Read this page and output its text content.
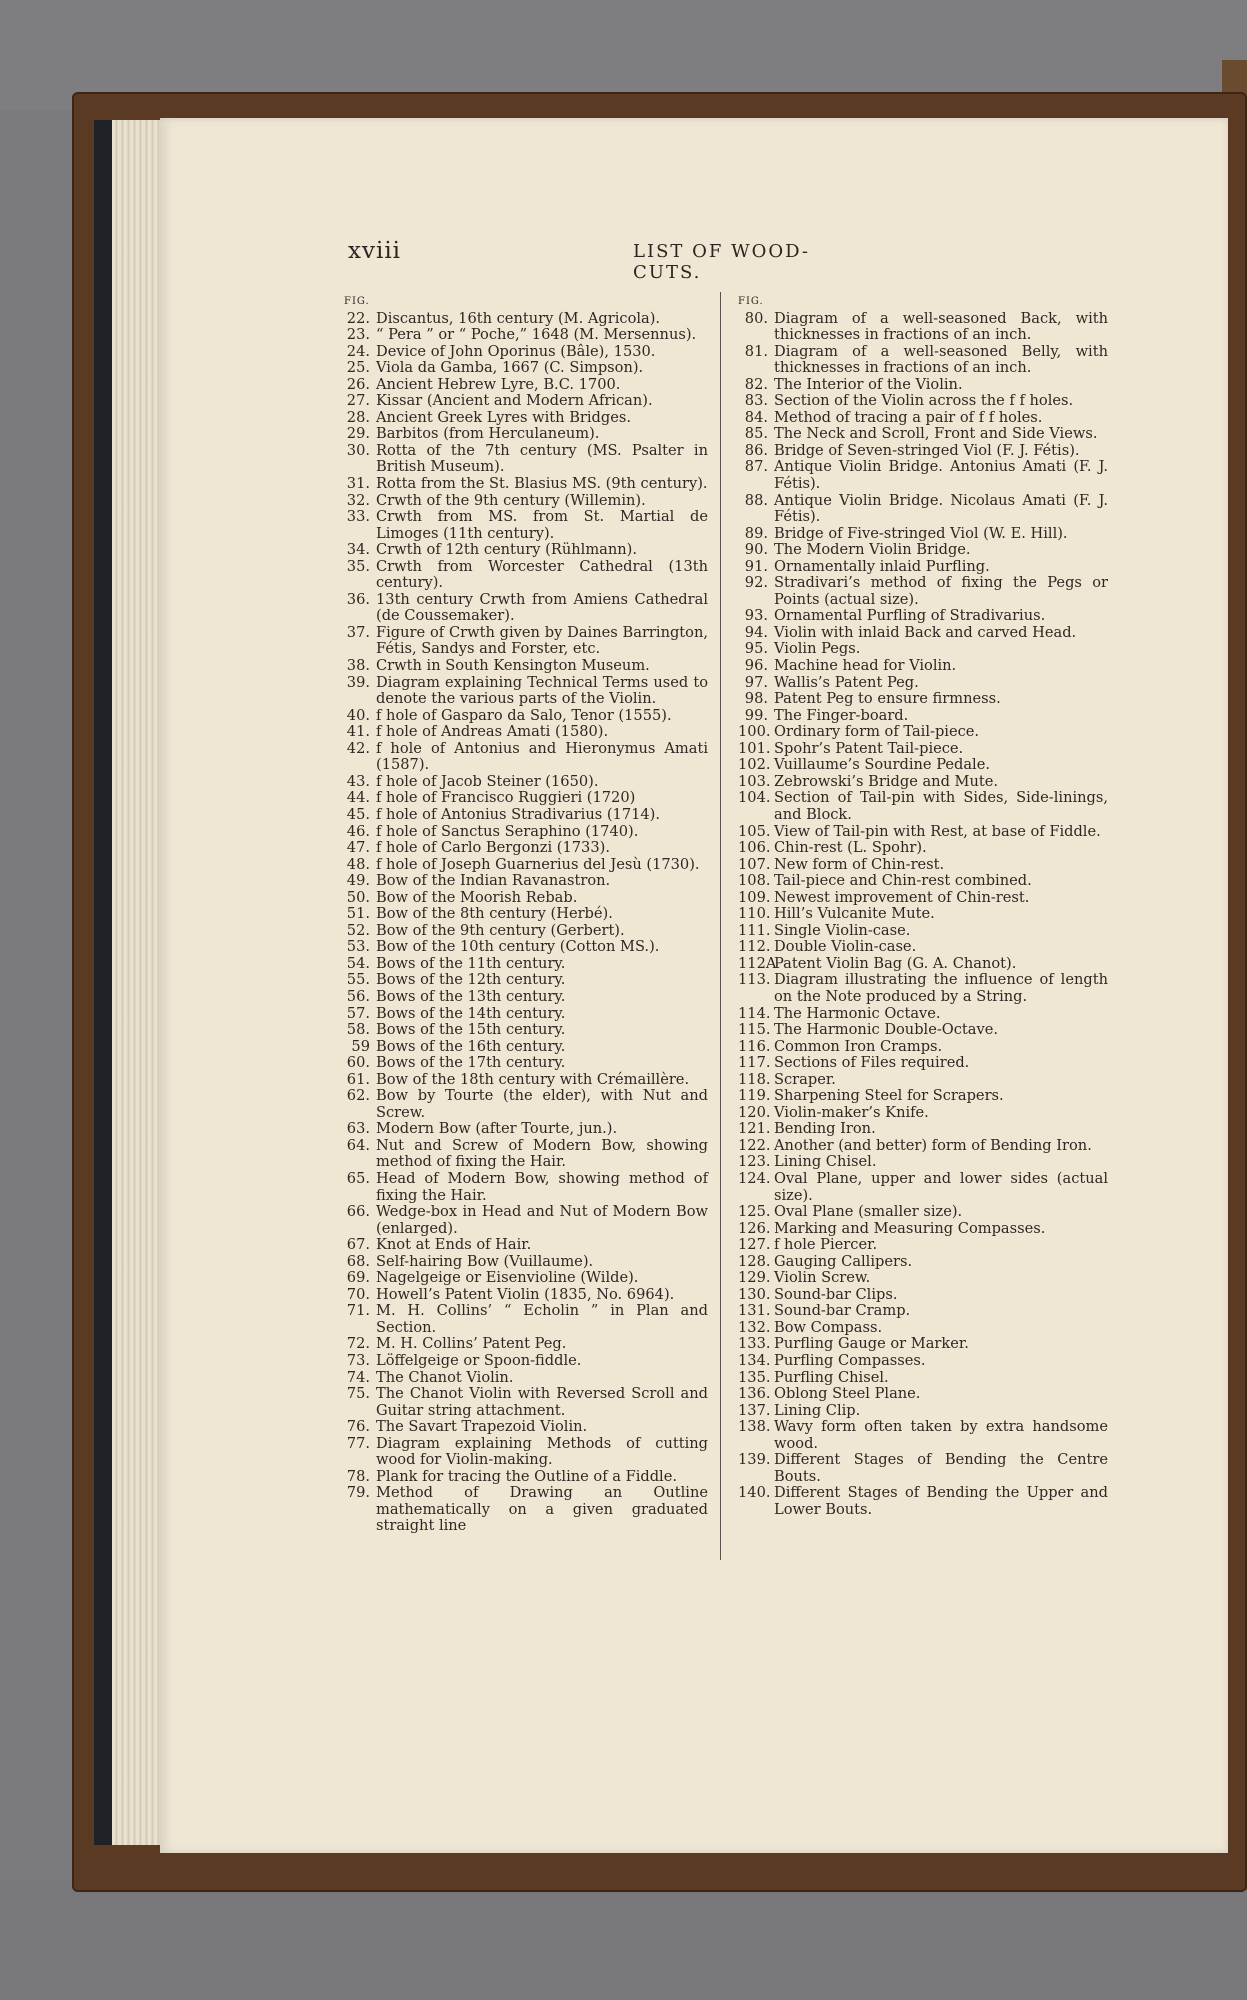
xviii	LIST OF WOOD-CUTS.
FIG.
22. Discantus, 16th century (M. Agricola).
23. “ Pera ” or “ Poche,” 1648 (M. Mersennus).
24. Device of John Oporinus (Bâle), 1530.
25. Viola da Gamba, 1667 (C. Simpson).
26. Ancient Hebrew Lyre, B.C. 1700.
27. Kissar (Ancient and Modern African).
28. Ancient Greek Lyres with Bridges.
29. Barbitos (from Herculaneum).
30. Rotta of the 7th century (MS. Psalter in British Museum).
31. Rotta from the St. Blasius MS. (9th century).
32. Crwth of the 9th century (Willemin).
33. Crwth from MS. from St. Martial de Limoges (11th century).
34. Crwth of 12th century (Rühlmann).
35. Crwth from Worcester Cathedral (13th century).
36. 13th century Crwth from Amiens Cathedral (de Coussemaker).
37. Figure of Crwth given by Daines Barrington, Fétis, Sandys and Forster, etc.
38. Crwth in South Kensington Museum.
39. Diagram explaining Technical Terms used to denote the various parts of the Violin.
40. f hole of Gasparo da Salo, Tenor (1555).
41. f hole of Andreas Amati (1580).
42. f hole of Antonius and Hieronymus Amati (1587).
43. f hole of Jacob Steiner (1650).
44. f hole of Francisco Ruggieri (1720)
45. f hole of Antonius Stradivarius (1714).
46. f hole of Sanctus Seraphino (1740).
47. f hole of Carlo Bergonzi (1733).
48. f hole of Joseph Guarnerius del Jesù (1730).
49. Bow of the Indian Ravanastron.
50. Bow of the Moorish Rebab.
51. Bow of the 8th century (Herbé).
52. Bow of the 9th century (Gerbert).
53. Bow of the 10th century (Cotton MS.).
54. Bows of the 11th century.
55. Bows of the 12th century.
56. Bows of the 13th century.
57. Bows of the 14th century.
58. Bows of the 15th century.
59 Bows of the 16th century.
60. Bows of the 17th century.
61. Bow of the 18th century with Crémaillère.
62. Bow by Tourte (the elder), with Nut and Screw.
63. Modern Bow (after Tourte, jun.).
64. Nut and Screw of Modern Bow, showing method of fixing the Hair.
65. Head of Modern Bow, showing method of fixing the Hair.
66. Wedge-box in Head and Nut of Modern Bow (enlarged).
67. Knot at Ends of Hair.
68. Self-hairing Bow (Vuillaume).
69. Nagelgeige or Eisenvioline (Wilde).
70. Howell’s Patent Violin (1835, No. 6964).
71. M. H. Collins’ “ Echolin ” in Plan and Section.
72. M. H. Collins’ Patent Peg.
73. Löffelgeige or Spoon-fiddle.
74. The Chanot Violin.
75. The Chanot Violin with Reversed Scroll and Guitar string attachment.
76. The Savart Trapezoid Violin.
77. Diagram explaining Methods of cutting wood for Violin-making.
78. Plank for tracing the Outline of a Fiddle.
79. Method of Drawing an Outline mathematically on a given graduated straight line
FIG.
80. Diagram of a well-seasoned Back, with thicknesses in fractions of an inch.
81. Diagram of a well-seasoned Belly, with thicknesses in fractions of an inch.
82. The Interior of the Violin.
83. Section of the Violin across the f f holes.
84. Method of tracing a pair of f f holes.
85. The Neck and Scroll, Front and Side Views.
86. Bridge of Seven-stringed Viol (F. J. Fétis).
87. Antique Violin Bridge. Antonius Amati (F. J. Fétis).
88. Antique Violin Bridge. Nicolaus Amati (F. J. Fétis).
89. Bridge of Five-stringed Viol (W. E. Hill).
90. The Modern Violin Bridge.
91. Ornamentally inlaid Purfling.
92. Stradivari’s method of fixing the Pegs or Points (actual size).
93. Ornamental Purfling of Stradivarius.
94. Violin with inlaid Back and carved Head.
95. Violin Pegs.
96. Machine head for Violin.
97. Wallis’s Patent Peg.
98. Patent Peg to ensure firmness.
99. The Finger-board.
100. Ordinary form of Tail-piece.
101. Spohr’s Patent Tail-piece.
102. Vuillaume’s Sourdine Pedale.
103. Zebrowski’s Bridge and Mute.
104. Section of Tail-pin with Sides, Side-linings, and Block.
105. View of Tail-pin with Rest, at base of Fiddle.
106. Chin-rest (L. Spohr).
107. New form of Chin-rest.
108. Tail-piece and Chin-rest combined.
109. Newest improvement of Chin-rest.
110. Hill’s Vulcanite Mute.
111. Single Violin-case.
112. Double Violin-case.
112A
Patent Violin Bag (G. A. Chanot).
113. Diagram illustrating the influence of length on the Note produced by a String.
114. The Harmonic Octave.
115. The Harmonic Double-Octave.
116. Common Iron Cramps.
117. Sections of Files required.
118. Scraper.
119. Sharpening Steel for Scrapers.
120. Violin-maker’s Knife.
121. Bending Iron.
122. Another (and better) form of Bending Iron.
123. Lining Chisel.
124. Oval Plane, upper and lower sides (actual size).
125. Oval Plane (smaller size).
126. Marking and Measuring Compasses.
127. f hole Piercer.
128. Gauging Callipers.
129. Violin Screw.
130. Sound-bar Clips.
131. Sound-bar Cramp.
132. Bow Compass.
133. Purfling Gauge or Marker.
134. Purfling Compasses.
135. Purfling Chisel.
136. Oblong Steel Plane.
137. Lining Clip.
138. Wavy form often taken by extra handsome wood.
139. Different Stages of Bending the Centre Bouts.
140. Different Stages of Bending the Upper and Lower Bouts.
